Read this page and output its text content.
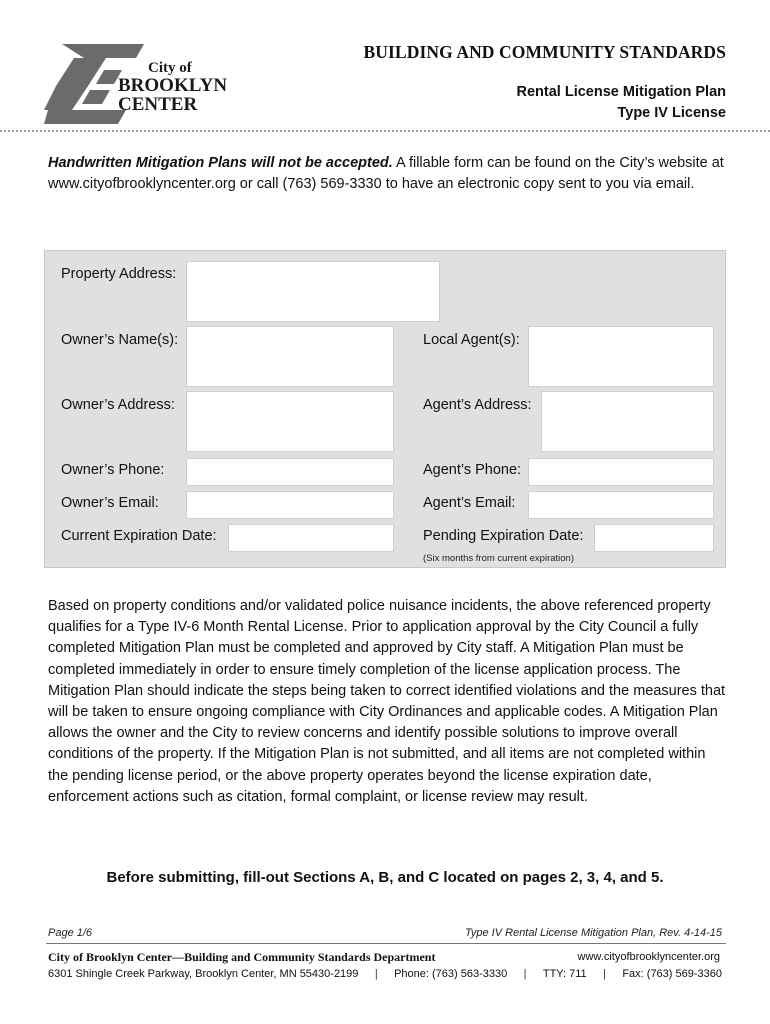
City of
BROOKLYN
CENTER
BUILDING AND COMMUNITY STANDARDS
Rental License Mitigation Plan
Type IV License
Handwritten Mitigation Plans will not be accepted. A fillable form can be found on the City’s website at www.cityofbrooklyncenter.org or call (763) 569-3330 to have an electronic copy sent to you via email.
Property Address:
Owner’s Name(s):	Local Agent(s):
Owner’s Address:	Agent’s Address:
Owner’s Phone:	Agent’s Phone:
Owner’s Email:	Agent’s Email:
Current Expiration Date:	Pending Expiration Date:
(Six months from current expiration)
Based on property conditions and/or validated police nuisance incidents, the above referenced property qualifies for a Type IV-6 Month Rental License. Prior to application approval by the City Council a fully completed Mitigation Plan must be completed and approved by City staff. A Mitigation Plan must be completed immediately in order to ensure timely completion of the license application process. The Mitigation Plan should indicate the steps being taken to correct identified violations and the measures that will be taken to ensure ongoing compliance with City Ordinances and applicable codes. A Mitigation Plan allows the owner and the City to review concerns and identify possible solutions to improve overall conditions of the property. If the Mitigation Plan is not submitted, and all items are not completed within the pending license period, or the above property operates beyond the license expiration date, enforcement actions such as citation, formal complaint, or license review may result.
Before submitting, fill-out Sections A, B, and C located on pages 2, 3, 4, and 5.
Page 1/6	Type IV Rental License Mitigation Plan, Rev. 4-14-15
City of Brooklyn Center—Building and Community Standards Department	www.cityofbrooklyncenter.org
6301 Shingle Creek Parkway, Brooklyn Center, MN 55430-2199 | Phone: (763) 563-3330 | TTY: 711 | Fax: (763) 569-3360
